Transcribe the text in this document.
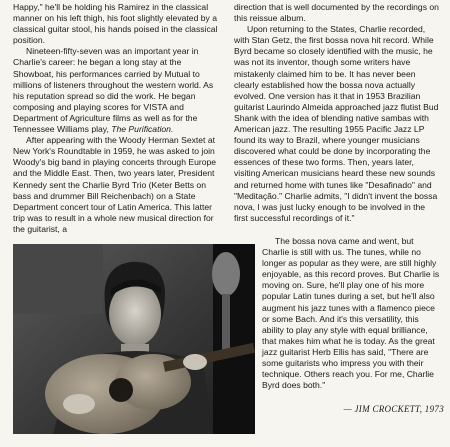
Happy," he'll be holding his Ramirez in the classical manner on his left thigh, his foot slightly elevated by a classical guitar stool, his hands poised in the classical position.

Nineteen-fifty-seven was an important year in Charlie's career: he began a long stay at the Showboat, his performances carried by Mutual to millions of listeners throughout the western world. As his reputation spread so did the work. He began composing and playing scores for VISTA and Department of Agriculture films as well as for the Tennessee Williams play, The Purification.

After appearing with the Woody Herman Sextet at New York's Roundtable in 1959, he was asked to join Woody's big band in playing concerts through Europe and the Middle East. Then, two years later, President Kennedy sent the Charlie Byrd Trio (Keter Betts on bass and drummer Bill Reichenbach) on a State Department concert tour of Latin America. This latter trip was to result in a whole new musical direction for the guitarist, a

direction that is well documented by the recordings on this reissue album.

Upon returning to the States, Charlie recorded, with Stan Getz, the first bossa nova hit record. While Byrd became so closely identified with the music, he was not its inventor, though some writers have mistakenly claimed him to be. It has never been clearly established how the bossa nova actually evolved. One version has it that in 1953 Brazilian guitarist Laurindo Almeida approached jazz flutist Bud Shank with the idea of blending native sambas with American jazz. The resulting 1955 Pacific Jazz LP found its way to Brazil, where younger musicians discovered what could be done by incorporating the essences of these two forms. Then, years later, visiting American musicians heard these new sounds and returned home with tunes like "Desafinado" and "Meditação." Charlie admits, "I didn't invent the bossa nova, I was just lucky enough to be involved in the first successful recordings of it."

The bossa nova came and went, but Charlie is still with us. The tunes, while no longer as popular as they were, are still highly enjoyable, as this record proves. But Charlie is moving on. Sure, he'll play one of his more popular Latin tunes during a set, but he'll also augment his jazz tunes with a flamenco piece or some Bach. And it's this versatility, this ability to play any style with equal brilliance, that makes him what he is today. As the great jazz guitarist Herb Ellis has said, "There are some guitarists who impress you with their technique. Others reach you. For me, Charlie Byrd does both."

— JIM CROCKETT, 1973
